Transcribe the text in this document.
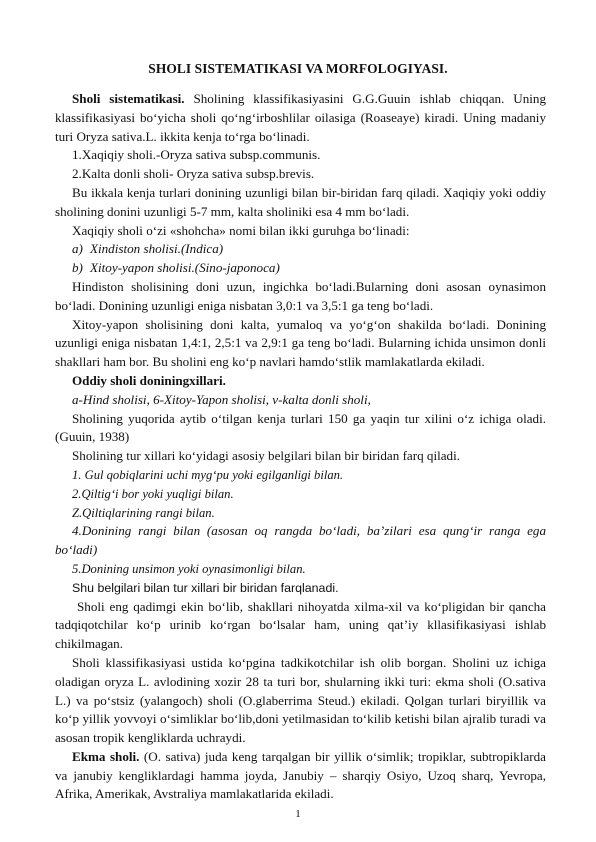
SHOLI SISTEMATIKASI VA MORFOLOGIYASI.

Sholi sistematikasi. Sholining klassifikasiyasini G.G.Guuin ishlab chiqqan. Uning klassifikasiyasi bo‘yicha sholi qo‘ng‘irboshlilar oilasiga (Roaseaye) kiradi. Uning madaniy turi Oryza sativa.L. ikkita kenja to‘rga bo‘linadi.

1.Xaqiqiy sholi.-Oryza sativa subsp.communis.

2.Kalta donli sholi- Oryza sativa subsp.brevis.

Bu ikkala kenja turlari donining uzunligi bilan bir-biridan farq qiladi. Xaqiqiy yoki oddiy sholining donini uzunligi 5-7 mm, kalta sholiniki esa 4 mm bo‘ladi.

Xaqiqiy sholi o‘zi «shohcha» nomi bilan ikki guruhga bo‘linadi:

a) Xindiston sholisi.(Indica)

b) Xitoy-yapon sholisi.(Sino-japonoca)

Hindiston sholisining doni uzun, ingichka bo‘ladi.Bularning doni asosan oynasimon bo‘ladi. Donining uzunligi eniga nisbatan 3,0:1 va 3,5:1 ga teng bo‘ladi.

Xitoy-yapon sholisining doni kalta, yumaloq va yo‘g‘on shakilda bo‘ladi. Donining uzunligi eniga nisbatan 1,4:1, 2,5:1 va 2,9:1 ga teng bo‘ladi. Bularning ichida unsimon donli shakllari ham bor. Bu sholini eng ko‘p navlari hamdo‘stlik mamlakatlarda ekiladi.

Oddiy sholi doniningxillari.

a-Hind sholisi, 6-Xitoy-Yapon sholisi, v-kalta donli sholi,

Sholining yuqorida aytib o‘tilgan kenja turlari 150 ga yaqin tur xilini o‘z ichiga oladi. (Guuin, 1938)

Sholining tur xillari ko‘yidagi asosiy belgilari bilan bir biridan farq qiladi.

1. Gul qobiqlarini uchi myg‘pu yoki egilganligi bilan.

2.Qiltig‘i bor yoki yuqligi bilan.

Z.Qiltiqlarining rangi bilan.

4.Donining rangi bilan (asosan oq rangda bo‘ladi, ba’zilari esa qung‘ir ranga ega bo‘ladi)

5.Donining unsimon yoki oynasimonligi bilan.

Shu belgilari bilan tur xillari bir biridan farqlanadi.

Sholi eng qadimgi ekin bo‘lib, shakllari nihoyatda xilma-xil va ko‘pligidan bir qancha tadqiqotchilar ko‘p urinib ko‘rgan bo‘lsalar ham, uning qat’iy kllasifikasiyasi ishlab chikilmagan.

Sholi klassifikasiyasi ustida ko‘pgina tadkikotchilar ish olib borgan. Sholini uz ichiga oladigan oryza L. avlodining xozir 28 ta turi bor, shularning ikki turi: ekma sholi (O.sativa L.) va po‘stsiz (yalangoch) sholi (O.glaberrima Steud.) ekiladi. Qolgan turlari biryillik va ko‘p yillik yovvoyi o‘simliklar bo‘lib,doni yetilmasidan to‘kilib ketishi bilan ajralib turadi va asosan tropik kengliklarda uchraydi.

Ekma sholi. (O. sativa) juda keng tarqalgan bir yillik o‘simlik; tropiklar, subtropiklarda va janubiy kengliklardagi hamma joyda, Janubiy – sharqiy Osiyo, Uzoq sharq, Yevropa, Afrika, Amerikak, Avstraliya mamlakatlarida ekiladi.

1
